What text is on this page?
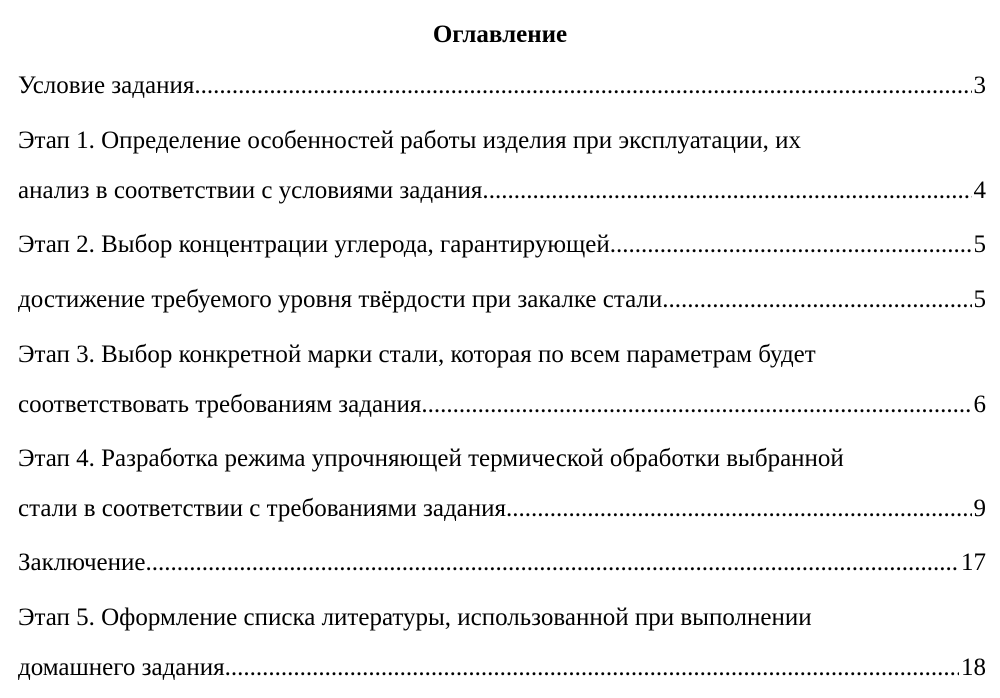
Оглавление
Условие задания .....	3
Этап 1. Определение особенностей работы изделия при эксплуатации, их
анализ в соответствии с условиями задания. .....	4
Этап 2. Выбор концентрации углерода, гарантирующей .....	5
достижение требуемого уровня твёрдости при закалке стали. .....	5
Этап 3. Выбор конкретной марки стали, которая по всем параметрам будет
соответствовать требованиям задания .....	6
Этап 4. Разработка режима упрочняющей термической обработки выбранной
стали в соответствии с требованиями задания. .....	9
Заключение .....	17
Этап 5. Оформление списка литературы, использованной при выполнении
домашнего задания. .....	18
